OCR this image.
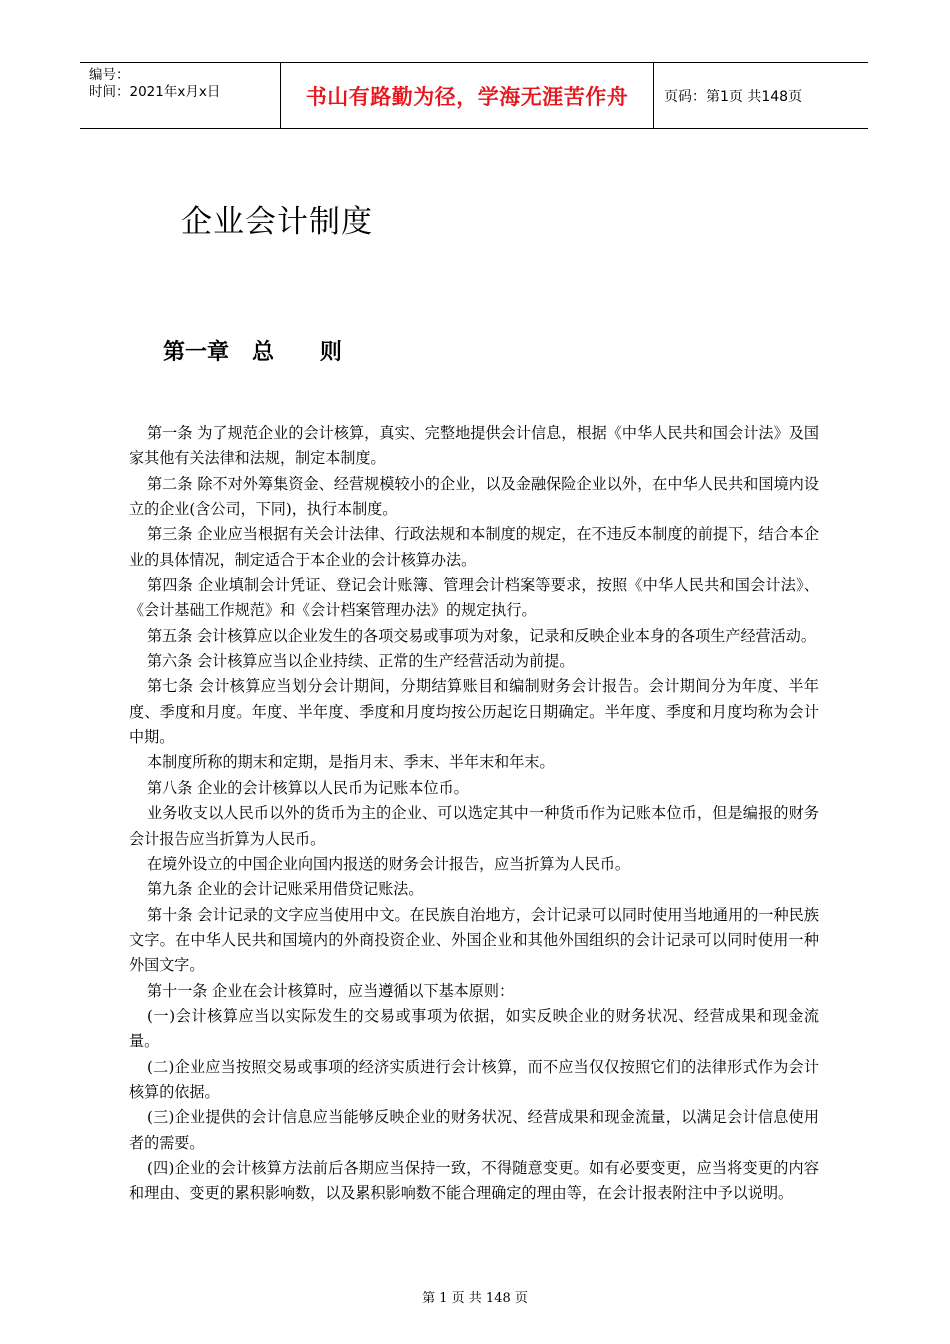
编号：
时间：2021年x月x日	书山有路勤为径，学海无涯苦作舟	页码：第1页 共148页
企业会计制度
第一章   总      则

第一条 为了规范企业的会计核算，真实、完整地提供会计信息，根据《中华人民共和国会计法》及国家其他有关法律和法规，制定本制度。

第二条 除不对外筹集资金、经营规模较小的企业，以及金融保险企业以外，在中华人民共和国境内设立的企业(含公司，下同)，执行本制度。

第三条 企业应当根据有关会计法律、行政法规和本制度的规定，在不违反本制度的前提下，结合本企业的具体情况，制定适合于本企业的会计核算办法。

第四条 企业填制会计凭证、登记会计账簿、管理会计档案等要求，按照《中华人民共和国会计法》、《会计基础工作规范》和《会计档案管理办法》的规定执行。

第五条 会计核算应以企业发生的各项交易或事项为对象，记录和反映企业本身的各项生产经营活动。

第六条 会计核算应当以企业持续、正常的生产经营活动为前提。

第七条 会计核算应当划分会计期间，分期结算账目和编制财务会计报告。会计期间分为年度、半年度、季度和月度。年度、半年度、季度和月度均按公历起讫日期确定。半年度、季度和月度均称为会计中期。

本制度所称的期末和定期，是指月末、季末、半年末和年末。

第八条 企业的会计核算以人民币为记账本位币。

业务收支以人民币以外的货币为主的企业、可以选定其中一种货币作为记账本位币，但是编报的财务会计报告应当折算为人民币。

在境外设立的中国企业向国内报送的财务会计报告，应当折算为人民币。

第九条 企业的会计记账采用借贷记账法。

第十条 会计记录的文字应当使用中文。在民族自治地方，会计记录可以同时使用当地通用的一种民族文字。在中华人民共和国境内的外商投资企业、外国企业和其他外国组织的会计记录可以同时使用一种外国文字。

第十一条 企业在会计核算时，应当遵循以下基本原则：

(一)会计核算应当以实际发生的交易或事项为依据，如实反映企业的财务状况、经营成果和现金流量。

(二)企业应当按照交易或事项的经济实质进行会计核算，而不应当仅仅按照它们的法律形式作为会计核算的依据。

(三)企业提供的会计信息应当能够反映企业的财务状况、经营成果和现金流量，以满足会计信息使用者的需要。

(四)企业的会计核算方法前后各期应当保持一致，不得随意变更。如有必要变更，应当将变更的内容和理由、变更的累积影响数，以及累积影响数不能合理确定的理由等，在会计报表附注中予以说明。

第 1 页 共 148 页
